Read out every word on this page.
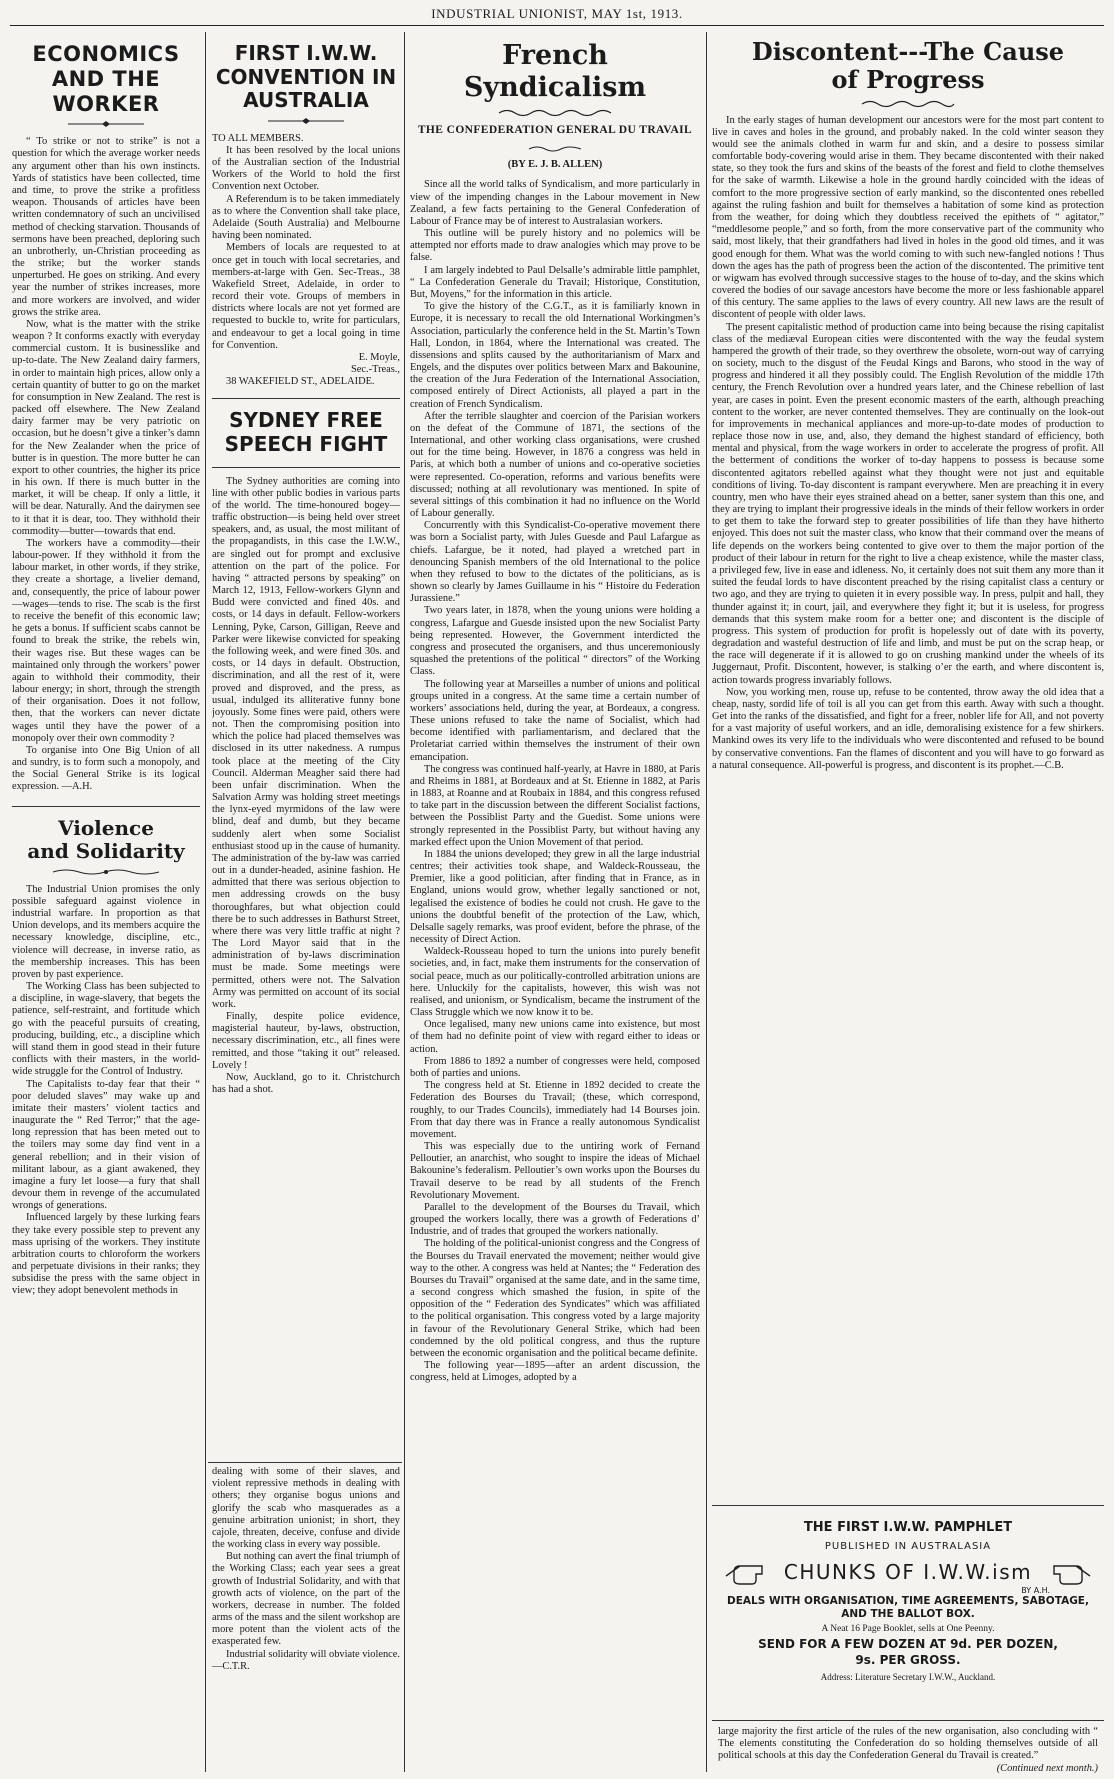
INDUSTRIAL UNIONIST, MAY 1st, 1913.
ECONOMICS AND THE WORKER

“ To strike or not to strike” is not a question for which the average worker needs any argument other than his own instincts. Yards of statistics have been collected, time and time, to prove the strike a profitless weapon. Thousands of articles have been written condemnatory of such an uncivilised method of checking starvation. Thousands of sermons have been preached, deploring such an unbrotherly, un-Christian proceeding as the strike; but the worker stands unperturbed. He goes on striking. And every year the number of strikes increases, more and more workers are involved, and wider grows the strike area.

Now, what is the matter with the strike weapon ? It conforms exactly with everyday commercial custom. It is businesslike and up-to-date. The New Zealand dairy farmers, in order to maintain high prices, allow only a certain quantity of butter to go on the market for consumption in New Zealand. The rest is packed off elsewhere. The New Zealand dairy farmer may be very patriotic on occasion, but he doesn’t give a tinker’s damn for the New Zealander when the price of butter is in question. The more butter he can export to other countries, the higher its price in his own. If there is much butter in the market, it will be cheap. If only a little, it will be dear. Naturally. And the dairymen see to it that it is dear, too. They withhold their commodity—butter—towards that end.

The workers have a commodity—their labour-power. If they withhold it from the labour market, in other words, if they strike, they create a shortage, a livelier demand, and, consequently, the price of labour power—wages—tends to rise. The scab is the first to receive the benefit of this economic law; he gets a bonus. If sufficient scabs cannot be found to break the strike, the rebels win, their wages rise. But these wages can be maintained only through the workers’ power again to withhold their commodity, their labour energy; in short, through the strength of their organisation. Does it not follow, then, that the workers can never dictate wages until they have the power of a monopoly over their own commodity ?

To organise into One Big Union of all and sundry, is to form such a monopoly, and the Social General Strike is its logical expression. —A.H.

Violence
and Solidarity

The Industrial Union promises the only possible safeguard against violence in industrial warfare. In proportion as that Union develops, and its members acquire the necessary knowledge, discipline, etc., violence will decrease, in inverse ratio, as the membership increases. This has been proven by past experience.

The Working Class has been subjected to a discipline, in wage-slavery, that begets the patience, self-restraint, and fortitude which go with the peaceful pursuits of creating, producing, building, etc., a discipline which will stand them in good stead in their future conflicts with their masters, in the world-wide struggle for the Control of Industry.

The Capitalists to-day fear that their “ poor deluded slaves” may wake up and imitate their masters’ violent tactics and inaugurate the “ Red Terror;” that the age-long repression that has been meted out to the toilers may some day find vent in a general rebellion; and in their vision of militant labour, as a giant awakened, they imagine a fury let loose—a fury that shall devour them in revenge of the accumulated wrongs of generations.

Influenced largely by these lurking fears they take every possible step to prevent any mass uprising of the workers. They institute arbitration courts to chloroform the workers and perpetuate divisions in their ranks; they subsidise the press with the same object in view; they adopt benevolent methods in

FIRST I.W.W. CONVENTION IN AUSTRALIA

TO ALL MEMBERS.

It has been resolved by the local unions of the Australian section of the Industrial Workers of the World to hold the first Convention next October.

A Referendum is to be taken immediately as to where the Convention shall take place, Adelaide (South Australia) and Melbourne having been nominated.

Members of locals are requested to at once get in touch with local secretaries, and members-at-large with Gen. Sec-Treas., 38 Wakefield Street, Adelaide, in order to record their vote. Groups of members in districts where locals are not yet formed are requested to buckle to, write for particulars, and endeavour to get a local going in time for Convention.

E. Moyle,

Sec.-Treas.,

38 WAKEFIELD ST., ADELAIDE.

SYDNEY FREE SPEECH FIGHT

The Sydney authorities are coming into line with other public bodies in various parts of the world. The time-honoured bogey—traffic obstruction—is being held over street speakers, and, as usual, the most militant of the propagandists, in this case the I.W.W., are singled out for prompt and exclusive attention on the part of the police. For having “ attracted persons by speaking” on March 12, 1913, Fellow-workers Glynn and Budd were convicted and fined 40s. and costs, or 14 days in default. Fellow-workers Lenning, Pyke, Carson, Gilligan, Reeve and Parker were likewise convicted for speaking the following week, and were fined 30s. and costs, or 14 days in default. Obstruction, discrimination, and all the rest of it, were proved and disproved, and the press, as usual, indulged its alliterative funny bone joyously. Some fines were paid, others were not. Then the compromising position into which the police had placed themselves was disclosed in its utter nakedness. A rumpus took place at the meeting of the City Council. Alderman Meagher said there had been unfair discrimination. When the Salvation Army was holding street meetings the lynx-eyed myrmidons of the law were blind, deaf and dumb, but they became suddenly alert when some Socialist enthusiast stood up in the cause of humanity. The administration of the by-law was carried out in a dunder-headed, asinine fashion. He admitted that there was serious objection to men addressing crowds on the busy thoroughfares, but what objection could there be to such addresses in Bathurst Street, where there was very little traffic at night ? The Lord Mayor said that in the administration of by-laws discrimination must be made. Some meetings were permitted, others were not. The Salvation Army was permitted on account of its social work.

Finally, despite police evidence, magisterial hauteur, by-laws, obstruction, necessary discrimination, etc., all fines were remitted, and those “taking it out” released. Lovely !

Now, Auckland, go to it. Christchurch has had a shot.

dealing with some of their slaves, and violent repressive methods in dealing with others; they organise bogus unions and glorify the scab who masquerades as a genuine arbitration unionist; in short, they cajole, threaten, deceive, confuse and divide the working class in every way possible.

But nothing can avert the final triumph of the Working Class; each year sees a great growth of Industrial Solidarity, and with that growth acts of violence, on the part of the workers, decrease in number. The folded arms of the mass and the silent workshop are more potent than the violent acts of the exasperated few.

Industrial solidarity will obviate violence.—C.T.R.

French Syndicalism
THE CONFEDERATION GENERAL DU TRAVAIL
(BY E. J. B. ALLEN)

Since all the world talks of Syndicalism, and more particularly in view of the impending changes in the Labour movement in New Zealand, a few facts pertaining to the General Confederation of Labour of France may be of interest to Australasian workers.

This outline will be purely history and no polemics will be attempted nor efforts made to draw analogies which may prove to be false.

I am largely indebted to Paul Delsalle’s admirable little pamphlet, “ La Confederation Generale du Travail; Historique, Constitution, But, Moyens,” for the information in this article.

To give the history of the C.G.T., as it is familiarly known in Europe, it is necessary to recall the old International Workingmen’s Association, particularly the conference held in the St. Martin’s Town Hall, London, in 1864, where the International was created. The dissensions and splits caused by the authoritarianism of Marx and Engels, and the disputes over politics between Marx and Bakounine, the creation of the Jura Federation of the International Association, composed entirely of Direct Actionists, all played a part in the creation of French Syndicalism.

After the terrible slaughter and coercion of the Parisian workers on the defeat of the Commune of 1871, the sections of the International, and other working class organisations, were crushed out for the time being. However, in 1876 a congress was held in Paris, at which both a number of unions and co-operative societies were represented. Co-operation, reforms and various benefits were discussed; nothing at all revolutionary was mentioned. In spite of several sittings of this combination it had no influence on the World of Labour generally.

Concurrently with this Syndicalist-Co-operative movement there was born a Socialist party, with Jules Guesde and Paul Lafargue as chiefs. Lafargue, be it noted, had played a wretched part in denouncing Spanish members of the old International to the police when they refused to bow to the dictates of the politicians, as is shown so clearly by James Guillaume in his “ Histoire du Federation Jurassiene.”

Two years later, in 1878, when the young unions were holding a congress, Lafargue and Guesde insisted upon the new Socialist Party being represented. However, the Government interdicted the congress and prosecuted the organisers, and thus unceremoniously squashed the pretentions of the political “ directors” of the Working Class.

The following year at Marseilles a number of unions and political groups united in a congress. At the same time a certain number of workers’ associations held, during the year, at Bordeaux, a congress. These unions refused to take the name of Socialist, which had become identified with parliamentarism, and declared that the Proletariat carried within themselves the instrument of their own emancipation.

The congress was continued half-yearly, at Havre in 1880, at Paris and Rheims in 1881, at Bordeaux and at St. Etienne in 1882, at Paris in 1883, at Roanne and at Roubaix in 1884, and this congress refused to take part in the discussion between the different Socialist factions, between the Possiblist Party and the Guedist. Some unions were strongly represented in the Possiblist Party, but without having any marked effect upon the Union Movement of that period.

In 1884 the unions developed; they grew in all the large industrial centres; their activities took shape, and Waldeck-Rousseau, the Premier, like a good politician, after finding that in France, as in England, unions would grow, whether legally sanctioned or not, legalised the existence of bodies he could not crush. He gave to the unions the doubtful benefit of the protection of the Law, which, Delsalle sagely remarks, was proof evident, before the phrase, of the necessity of Direct Action.

Waldeck-Rousseau hoped to turn the unions into purely benefit societies, and, in fact, make them instruments for the conservation of social peace, much as our politically-controlled arbitration unions are here. Unluckily for the capitalists, however, this wish was not realised, and unionism, or Syndicalism, became the instrument of the Class Struggle which we now know it to be.

Once legalised, many new unions came into existence, but most of them had no definite point of view with regard either to ideas or action.

From 1886 to 1892 a number of congresses were held, composed both of parties and unions.

The congress held at St. Etienne in 1892 decided to create the Federation des Bourses du Travail; (these, which correspond, roughly, to our Trades Councils), immediately had 14 Bourses join. From that day there was in France a really autonomous Syndicalist movement.

This was especially due to the untiring work of Fernand Pelloutier, an anarchist, who sought to inspire the ideas of Michael Bakounine’s federalism. Pelloutier’s own works upon the Bourses du Travail deserve to be read by all students of the French Revolutionary Movement.

Parallel to the development of the Bourses du Travail, which grouped the workers locally, there was a growth of Federations d’ Industrie, and of trades that grouped the workers nationally.

The holding of the political-unionist congress and the Congress of the Bourses du Travail enervated the movement; neither would give way to the other. A congress was held at Nantes; the “ Federation des Bourses du Travail” organised at the same date, and in the same time, a second congress which smashed the fusion, in spite of the opposition of the “ Federation des Syndicates” which was affiliated to the political organisation. This congress voted by a large majority in favour of the Revolutionary General Strike, which had been condemned by the old political congress, and thus the rupture between the economic organisation and the political became definite.

The following year—1895—after an ardent discussion, the congress, held at Limoges, adopted by a

Discontent---The Cause
of Progress

In the early stages of human development our ancestors were for the most part content to live in caves and holes in the ground, and probably naked. In the cold winter season they would see the animals clothed in warm fur and skin, and a desire to possess similar comfortable body-covering would arise in them. They became discontented with their naked state, so they took the furs and skins of the beasts of the forest and field to clothe themselves for the sake of warmth. Likewise a hole in the ground hardly coincided with the ideas of comfort to the more progressive section of early mankind, so the discontented ones rebelled against the ruling fashion and built for themselves a habitation of some kind as protection from the weather, for doing which they doubtless received the epithets of “ agitator,” “meddlesome people,” and so forth, from the more conservative part of the community who said, most likely, that their grandfathers had lived in holes in the good old times, and it was good enough for them. What was the world coming to with such new-fangled notions ! Thus down the ages has the path of progress been the action of the discontented. The primitive tent or wigwam has evolved through successive stages to the house of to-day, and the skins which covered the bodies of our savage ancestors have become the more or less fashionable apparel of this century. The same applies to the laws of every country. All new laws are the result of discontent of people with older laws.

The present capitalistic method of production came into being because the rising capitalist class of the mediæval European cities were discontented with the way the feudal system hampered the growth of their trade, so they overthrew the obsolete, worn-out way of carrying on society, much to the disgust of the Feudal Kings and Barons, who stood in the way of progress and hindered it all they possibly could. The English Revolution of the middle 17th century, the French Revolution over a hundred years later, and the Chinese rebellion of last year, are cases in point. Even the present economic masters of the earth, although preaching content to the worker, are never contented themselves. They are continually on the look-out for improvements in mechanical appliances and more-up-to-date modes of production to replace those now in use, and, also, they demand the highest standard of efficiency, both mental and physical, from the wage workers in order to accelerate the progress of profit. All the betterment of conditions the worker of to-day happens to possess is because some discontented agitators rebelled against what they thought were not just and equitable conditions of living. To-day discontent is rampant everywhere. Men are preaching it in every country, men who have their eyes strained ahead on a better, saner system than this one, and they are trying to implant their progressive ideals in the minds of their fellow workers in order to get them to take the forward step to greater possibilities of life than they have hitherto enjoyed. This does not suit the master class, who know that their command over the means of life depends on the workers being contented to give over to them the major portion of the product of their labour in return for the right to live a cheap existence, while the master class, a privileged few, live in ease and idleness. No, it certainly does not suit them any more than it suited the feudal lords to have discontent preached by the rising capitalist class a century or two ago, and they are trying to quieten it in every possible way. In press, pulpit and hall, they thunder against it; in court, jail, and everywhere they fight it; but it is useless, for progress demands that this system make room for a better one; and discontent is the disciple of progress. This system of production for profit is hopelessly out of date with its poverty, degradation and wasteful destruction of life and limb, and must be put on the scrap heap, or the race will degenerate if it is allowed to go on crushing mankind under the wheels of its Juggernaut, Profit. Discontent, however, is stalking o’er the earth, and where discontent is, action towards progress invariably follows.

Now, you working men, rouse up, refuse to be contented, throw away the old idea that a cheap, nasty, sordid life of toil is all you can get from this earth. Away with such a thought. Get into the ranks of the dissatisfied, and fight for a freer, nobler life for All, and not poverty for a vast majority of useful workers, and an idle, demoralising existence for a few shirkers. Mankind owes its very life to the individuals who were discontented and refused to be bound by conservative conventions. Fan the flames of discontent and you will have to go forward as a natural consequence. All-powerful is progress, and discontent is its prophet.—C.B.

THE FIRST I.W.W. PAMPHLET
PUBLISHED IN AUSTRALASIA
CHUNKS OF I.W.W.ism
BY A.H.
DEALS WITH ORGANISATION, TIME AGREEMENTS, SABOTAGE, AND THE BALLOT BOX.
A Neat 16 Page Booklet, sells at One Peenny.
SEND FOR A FEW DOZEN AT 9d. PER DOZEN,
9s. PER GROSS.
Address: Literature Secretary I.W.W., Auckland.

large majority the first article of the rules of the new organisation, also concluding with “ The elements constituting the Confederation do so holding themselves outside of all political schools at this day the Confederation General du Travail is created.”

(Continued next month.)
